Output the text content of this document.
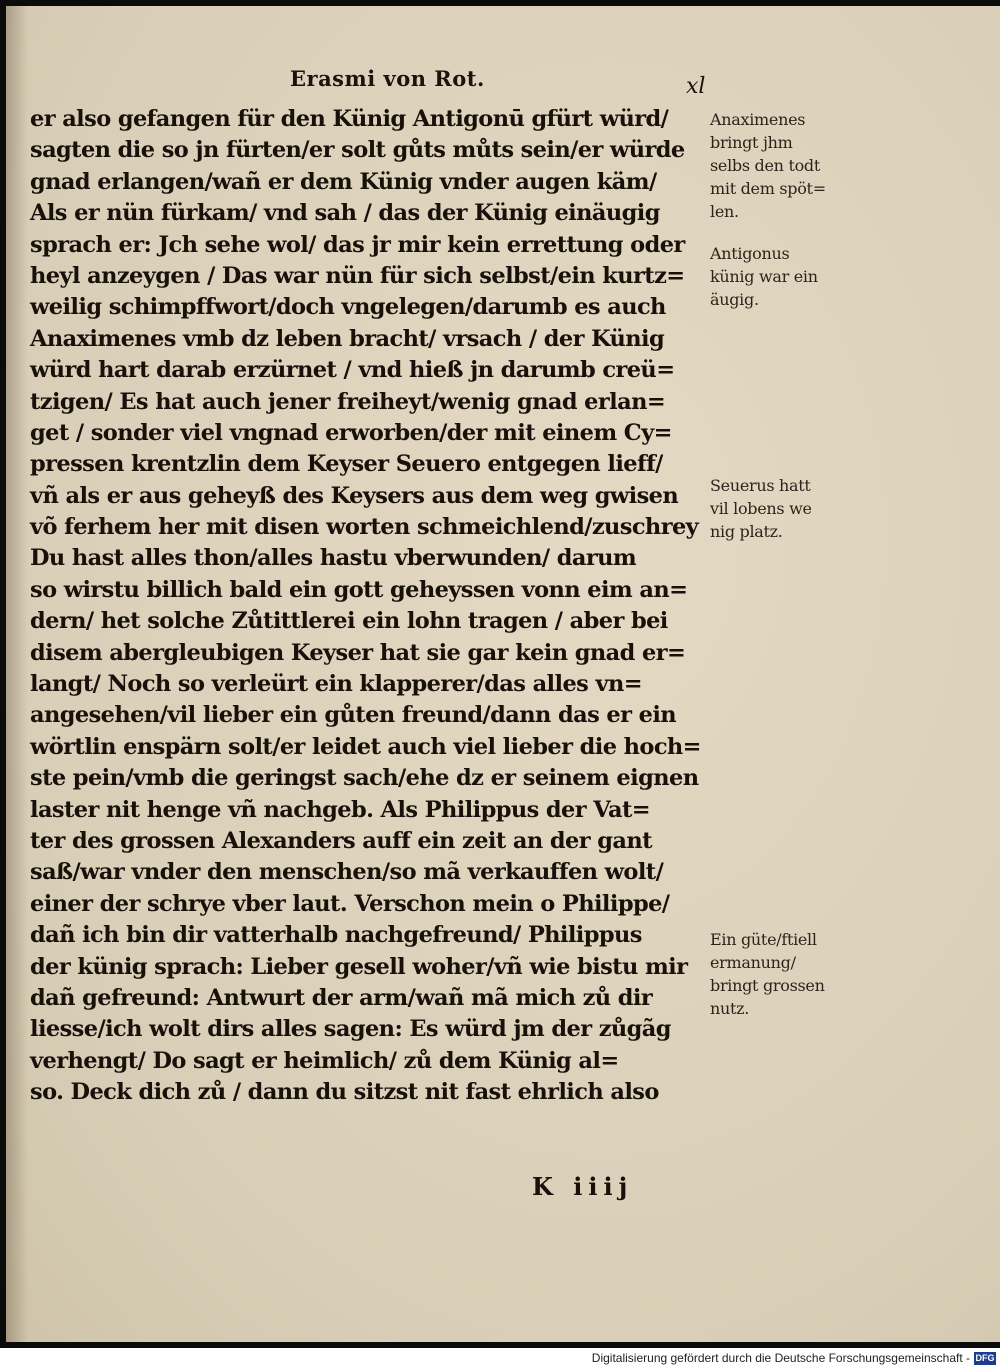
Erasmi von Rot.	xl
er also gefangen für den Künig Antigonū gfürt würd/
sagten die so jn fürten/er solt gůts můts sein/er würde
gnad erlangen/wañ er dem Künig vnder augen käm/
Als er nün fürkam/ vnd sah / das der Künig einäugig
sprach er: Jch sehe wol/ das jr mir kein errettung oder
heyl anzeygen / Das war nün für sich selbst/ein kurtz=
weilig schimpffwort/doch vngelegen/darumb es auch
Anaximenes vmb dz leben bracht/ vrsach / der Künig
würd hart darab erzürnet / vnd hieß jn darumb creü=
tzigen/ Es hat auch jener freiheyt/wenig gnad erlan=
get / sonder viel vngnad erworben/der mit einem Cy=
pressen krentzlin dem Keyser Seuero entgegen lieff/
vñ als er aus geheyß des Keysers aus dem weg gwisen
võ ferhem her mit disen worten schmeichlend/zuschrey
Du hast alles thon/alles hastu vberwunden/ darum
so wirstu billich bald ein gott geheyssen vonn eim an=
dern/ het solche Zůtittlerei ein lohn tragen / aber bei
disem abergleubigen Keyser hat sie gar kein gnad er=
langt/ Noch so verleürt ein klapperer/das alles vn=
angesehen/vil lieber ein gůten freund/dann das er ein
wörtlin enspärn solt/er leidet auch viel lieber die hoch=
ste pein/vmb die geringst sach/ehe dz er seinem eignen
laster nit henge vñ nachgeb. Als Philippus der Vat=
ter des grossen Alexanders auff ein zeit an der gant
saß/war vnder den menschen/so mã verkauffen wolt/
einer der schrye vber laut. Verschon mein o Philippe/
dañ ich bin dir vatterhalb nachgefreund/ Philippus
der künig sprach: Lieber gesell woher/vñ wie bistu mir
dañ gefreund: Antwurt der arm/wañ mã mich zů dir
liesse/ich wolt dirs alles sagen: Es würd jm der zůgãg
verhengt/ Do sagt er heimlich/ zů dem Künig al=
so. Deck dich zů / dann du sitzst nit fast ehrlich also
Anaximenes
bringt jhm
selbs den todt
mit dem spöt=
len.
Antigonus
künig war ein
äugig.
Seuerus hatt
vil lobens we
nig platz.
Ein güte/ftiell
ermanung/
bringt grossen
nutz.
K iiij
Digitalisierung gefördert durch die Deutsche Forschungsgemeinschaft - DFG
